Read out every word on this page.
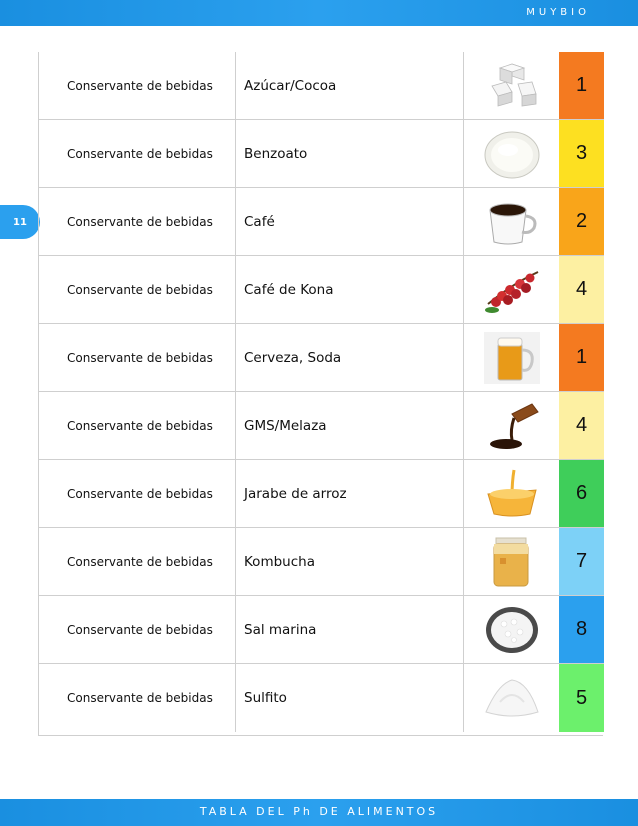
MUYBIO
11
Conservante de bebidas	Azúcar/Cocoa	1
Conservante de bebidas	Benzoato	3
Conservante de bebidas	Café	2
Conservante de bebidas	Café de Kona	4
Conservante de bebidas	Cerveza, Soda	1
Conservante de bebidas	GMS/Melaza	4
Conservante de bebidas	Jarabe de arroz	6
Conservante de bebidas	Kombucha	7
Conservante de bebidas	Sal marina	8
Conservante de bebidas	Sulfito	5
TABLA DEL Ph DE ALIMENTOS
